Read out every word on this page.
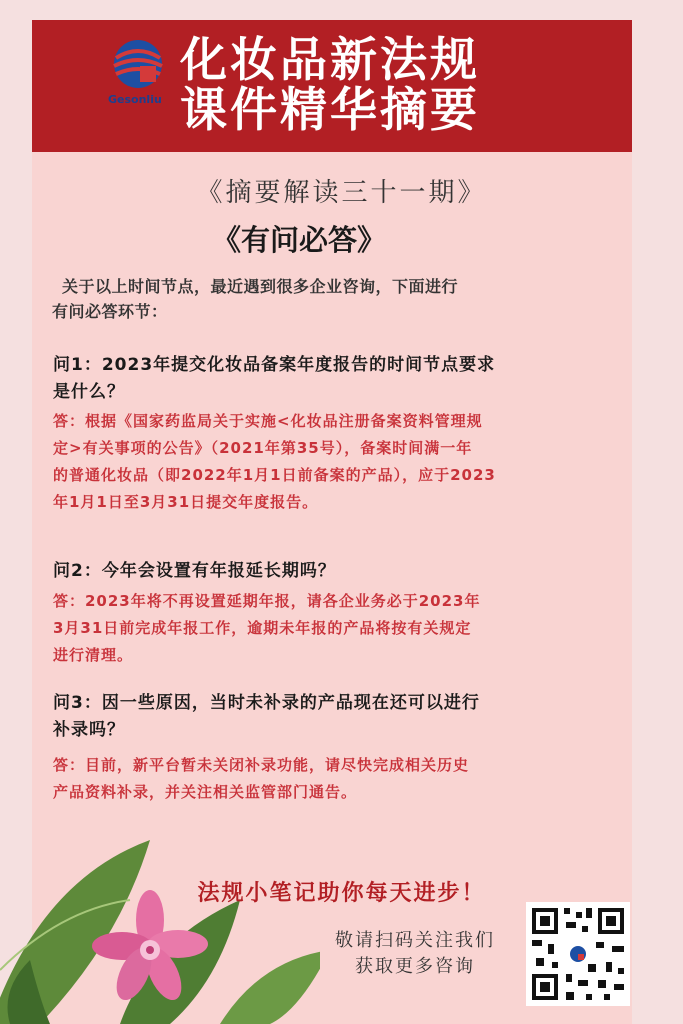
Gesonliu
化妆品新法规
课件精华摘要
《摘要解读三十一期》
《有问必答》
关于以上时间节点，最近遇到很多企业咨询，下面进行
有问必答环节：
问1：2023年提交化妆品备案年度报告的时间节点要求
是什么？
答：根据《国家药监局关于实施<化妆品注册备案资料管理规
定>有关事项的公告》（2021年第35号），备案时间满一年
的普通化妆品（即2022年1月1日前备案的产品），应于2023
年1月1日至3月31日提交年度报告。
问2：今年会设置有年报延长期吗？
答：2023年将不再设置延期年报，请各企业务必于2023年
3月31日前完成年报工作，逾期未年报的产品将按有关规定
进行清理。
问3：因一些原因，当时未补录的产品现在还可以进行
补录吗？
答：目前，新平台暂未关闭补录功能，请尽快完成相关历史
产品资料补录，并关注相关监管部门通告。
法规小笔记助你每天进步！
敬请扫码关注我们
获取更多咨询
